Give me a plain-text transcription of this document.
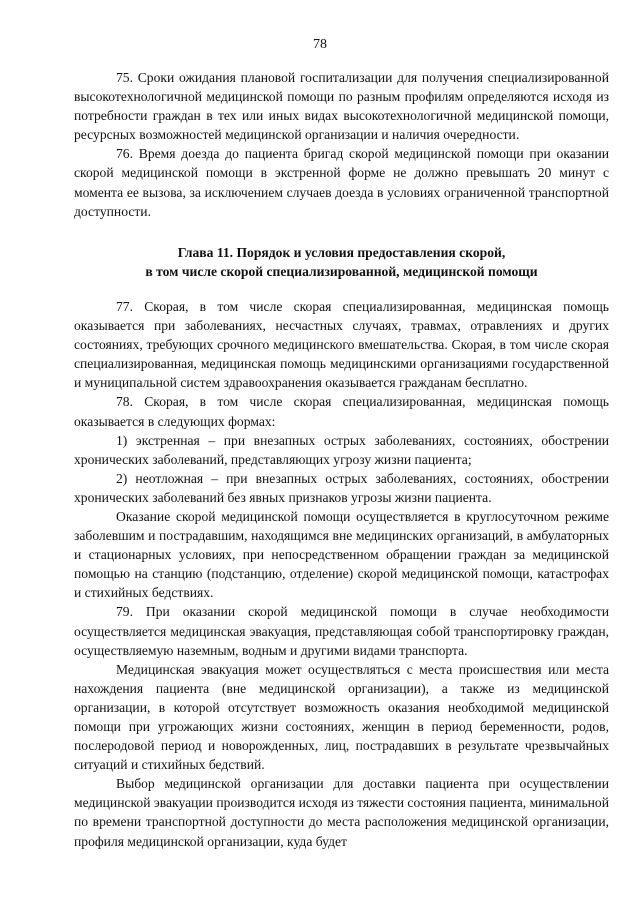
78

75. Сроки ожидания плановой госпитализации для получения специализированной высокотехнологичной медицинской помощи по разным профилям определяются исходя из потребности граждан в тех или иных видах высокотехнологичной медицинской помощи, ресурсных возможностей медицинской организации и наличия очередности.

76. Время доезда до пациента бригад скорой медицинской помощи при оказании скорой медицинской помощи в экстренной форме не должно превышать 20 минут с момента ее вызова, за исключением случаев доезда в условиях ограниченной транспортной доступности.

Глава 11. Порядок и условия предоставления скорой,
в том числе скорой специализированной, медицинской помощи

77. Скорая, в том числе скорая специализированная, медицинская помощь оказывается при заболеваниях, несчастных случаях, травмах, отравлениях и других состояниях, требующих срочного медицинского вмешательства. Скорая, в том числе скорая специализированная, медицинская помощь медицинскими организациями государственной и муниципальной систем здравоохранения оказывается гражданам бесплатно.

78. Скорая, в том числе скорая специализированная, медицинская помощь оказывается в следующих формах:

1) экстренная – при внезапных острых заболеваниях, состояниях, обострении хронических заболеваний, представляющих угрозу жизни пациента;

2) неотложная – при внезапных острых заболеваниях, состояниях, обострении хронических заболеваний без явных признаков угрозы жизни пациента.

Оказание скорой медицинской помощи осуществляется в круглосуточном режиме заболевшим и пострадавшим, находящимся вне медицинских организаций, в амбулаторных и стационарных условиях, при непосредственном обращении граждан за медицинской помощью на станцию (подстанцию, отделение) скорой медицинской помощи, катастрофах и стихийных бедствиях.

79. При оказании скорой медицинской помощи в случае необходимости осуществляется медицинская эвакуация, представляющая собой транспортировку граждан, осуществляемую наземным, водным и другими видами транспорта.

Медицинская эвакуация может осуществляться с места происшествия или места нахождения пациента (вне медицинской организации), а также из медицинской организации, в которой отсутствует возможность оказания необходимой медицинской помощи при угрожающих жизни состояниях, женщин в период беременности, родов, послеродовой период и новорожденных, лиц, пострадавших в результате чрезвычайных ситуаций и стихийных бедствий.

Выбор медицинской организации для доставки пациента при осуществлении медицинской эвакуации производится исходя из тяжести состояния пациента, минимальной по времени транспортной доступности до места расположения медицинской организации, профиля медицинской организации, куда будет
